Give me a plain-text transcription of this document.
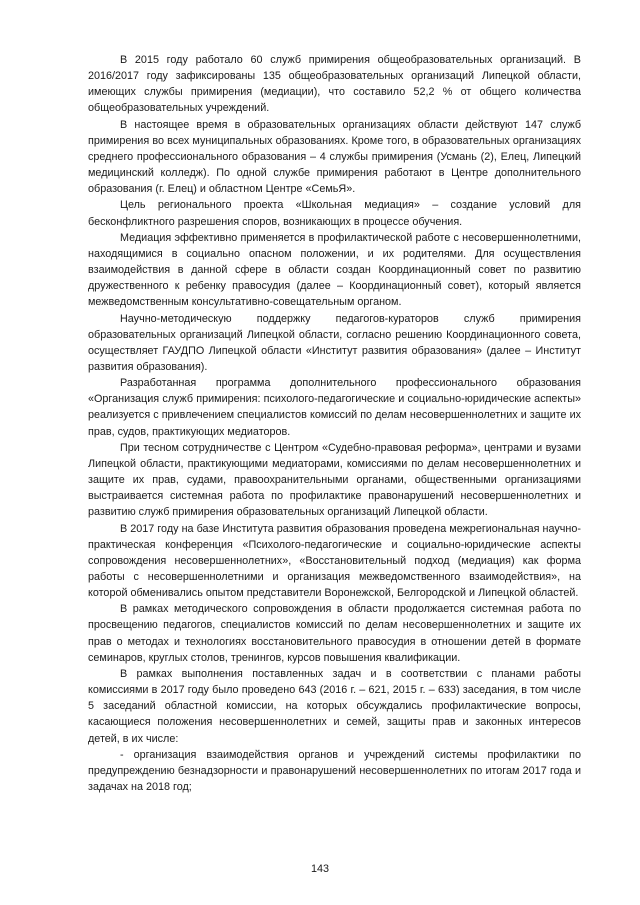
В 2015 году работало 60 служб примирения общеобразовательных организаций. В 2016/2017 году зафиксированы 135 общеобразовательных организаций Липецкой области, имеющих службы примирения (медиации), что составило 52,2 % от общего количества общеобразовательных учреждений.

В настоящее время в образовательных организациях области действуют 147 служб примирения во всех муниципальных образованиях. Кроме того, в образовательных организациях среднего профессионального образования – 4 службы примирения (Усмань (2), Елец, Липецкий медицинский колледж). По одной службе примирения работают в Центре дополнительного образования (г. Елец) и областном Центре «СемьЯ».

Цель регионального проекта «Школьная медиация» – создание условий для бесконфликтного разрешения споров, возникающих в процессе обучения.

Медиация эффективно применяется в профилактической работе с несовершеннолетними, находящимися в социально опасном положении, и их родителями. Для осуществления взаимодействия в данной сфере в области создан Координационный совет по развитию дружественного к ребенку правосудия (далее – Координационный совет), который является межведомственным консультативно-совещательным органом.

Научно-методическую поддержку педагогов-кураторов служб примирения образовательных организаций Липецкой области, согласно решению Координационного совета, осуществляет ГАУДПО Липецкой области «Институт развития образования» (далее – Институт развития образования).

Разработанная программа дополнительного профессионального образования «Организация служб примирения: психолого-педагогические и социально-юридические аспекты» реализуется с привлечением специалистов комиссий по делам несовершеннолетних и защите их прав, судов, практикующих медиаторов.

При тесном сотрудничестве с Центром «Судебно-правовая реформа», центрами и вузами Липецкой области, практикующими медиаторами, комиссиями по делам несовершеннолетних и защите их прав, судами, правоохранительными органами, общественными организациями выстраивается системная работа по профилактике правонарушений несовершеннолетних и развитию служб примирения образовательных организаций Липецкой области.

В 2017 году на базе Института развития образования проведена межрегиональная научно-практическая конференция «Психолого-педагогические и социально-юридические аспекты сопровождения несовершеннолетних», «Восстановительный подход (медиация) как форма работы с несовершеннолетними и организация межведомственного взаимодействия», на которой обменивались опытом представители Воронежской, Белгородской и Липецкой областей.

В рамках методического сопровождения в области продолжается системная работа по просвещению педагогов, специалистов комиссий по делам несовершеннолетних и защите их прав о методах и технологиях восстановительного правосудия в отношении детей в формате семинаров, круглых столов, тренингов, курсов повышения квалификации.

В рамках выполнения поставленных задач и в соответствии с планами работы комиссиями в 2017 году было проведено 643 (2016 г. – 621, 2015 г. – 633) заседания, в том числе 5 заседаний областной комиссии, на которых обсуждались профилактические вопросы, касающиеся положения несовершеннолетних и семей, защиты прав и законных интересов детей, в их числе:

- организация взаимодействия органов и учреждений системы профилактики по предупреждению безнадзорности и правонарушений несовершеннолетних по итогам 2017 года и задачах на 2018 год;

143
